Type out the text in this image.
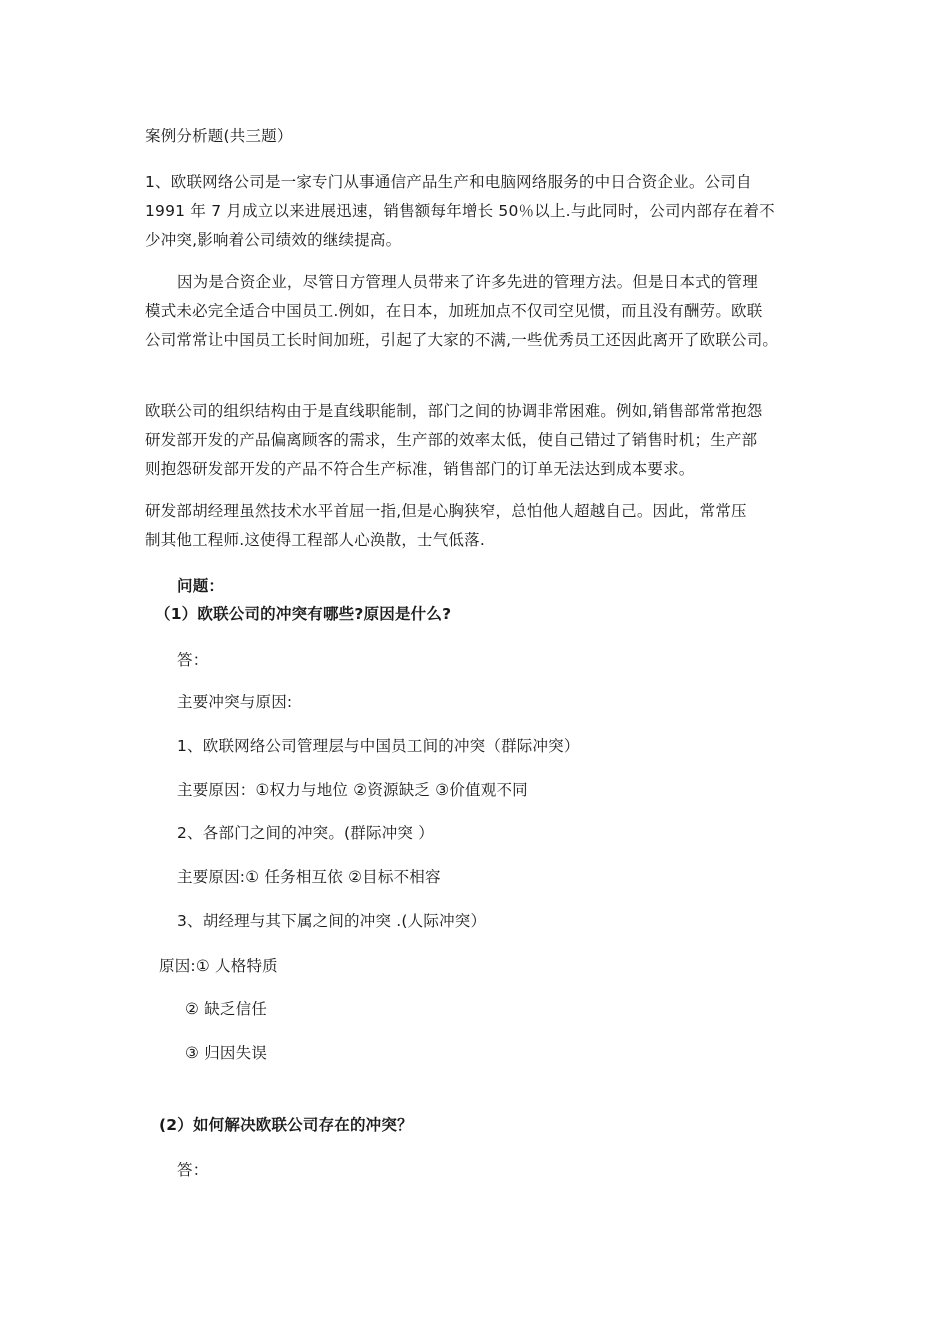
案例分析题(共三题）
1、欧联网络公司是一家专门从事通信产品生产和电脑网络服务的中日合资企业。公司自
1991 年 7 月成立以来进展迅速，销售额每年增长 50％以上.与此同时，公司内部存在着不
少冲突,影响着公司绩效的继续提高。
因为是合资企业，尽管日方管理人员带来了许多先进的管理方法。但是日本式的管理
模式未必完全适合中国员工.例如，在日本，加班加点不仅司空见惯，而且没有酬劳。欧联
公司常常让中国员工长时间加班，引起了大家的不满,一些优秀员工还因此离开了欧联公司。
欧联公司的组织结构由于是直线职能制，部门之间的协调非常困难。例如,销售部常常抱怨
研发部开发的产品偏离顾客的需求，生产部的效率太低，使自己错过了销售时机；生产部
则抱怨研发部开发的产品不符合生产标准，销售部门的订单无法达到成本要求。
研发部胡经理虽然技术水平首屈一指,但是心胸狭窄，总怕他人超越自己。因此，常常压
制其他工程师.这使得工程部人心涣散，士气低落.
问题：
（1）欧联公司的冲突有哪些?原因是什么?
答：
主要冲突与原因:
1、欧联网络公司管理层与中国员工间的冲突（群际冲突）
主要原因：①权力与地位 ②资源缺乏 ③价值观不同
2、各部门之间的冲突。(群际冲突 ）
主要原因:① 任务相互依 ②目标不相容
3、胡经理与其下属之间的冲突 .(人际冲突）
原因:① 人格特质
② 缺乏信任
③ 归因失误
(2）如何解决欧联公司存在的冲突？
答：
